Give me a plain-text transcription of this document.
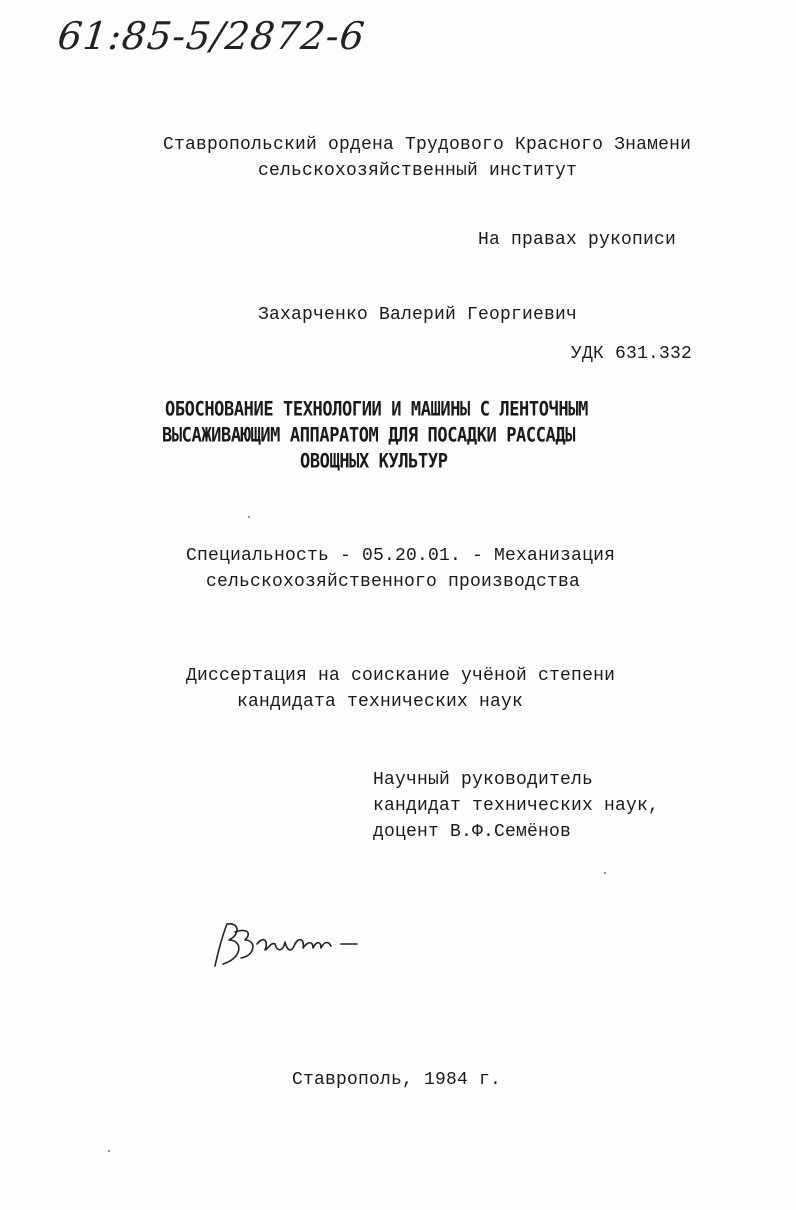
61:85-5/2872-6
Ставропольский ордена Трудового Красного Знамени
сельскохозяйственный институт
На правах рукописи
Захарченко Валерий Георгиевич
УДК 631.332
ОБОСНОВАНИЕ ТЕХНОЛОГИИ И МАШИНЫ С ЛЕНТОЧНЫМ
ВЫСАЖИВАЮЩИМ АППАРАТОМ ДЛЯ ПОСАДКИ РАССАДЫ
ОВОЩНЫХ КУЛЬТУР
Специальность - 05.20.01. - Механизация
сельскохозяйственного производства
Диссертация на соискание учёной степени
кандидата технических наук
Научный руководитель
кандидат технических наук,
доцент В.Ф.Семёнов
Ставрополь, 1984 г.
